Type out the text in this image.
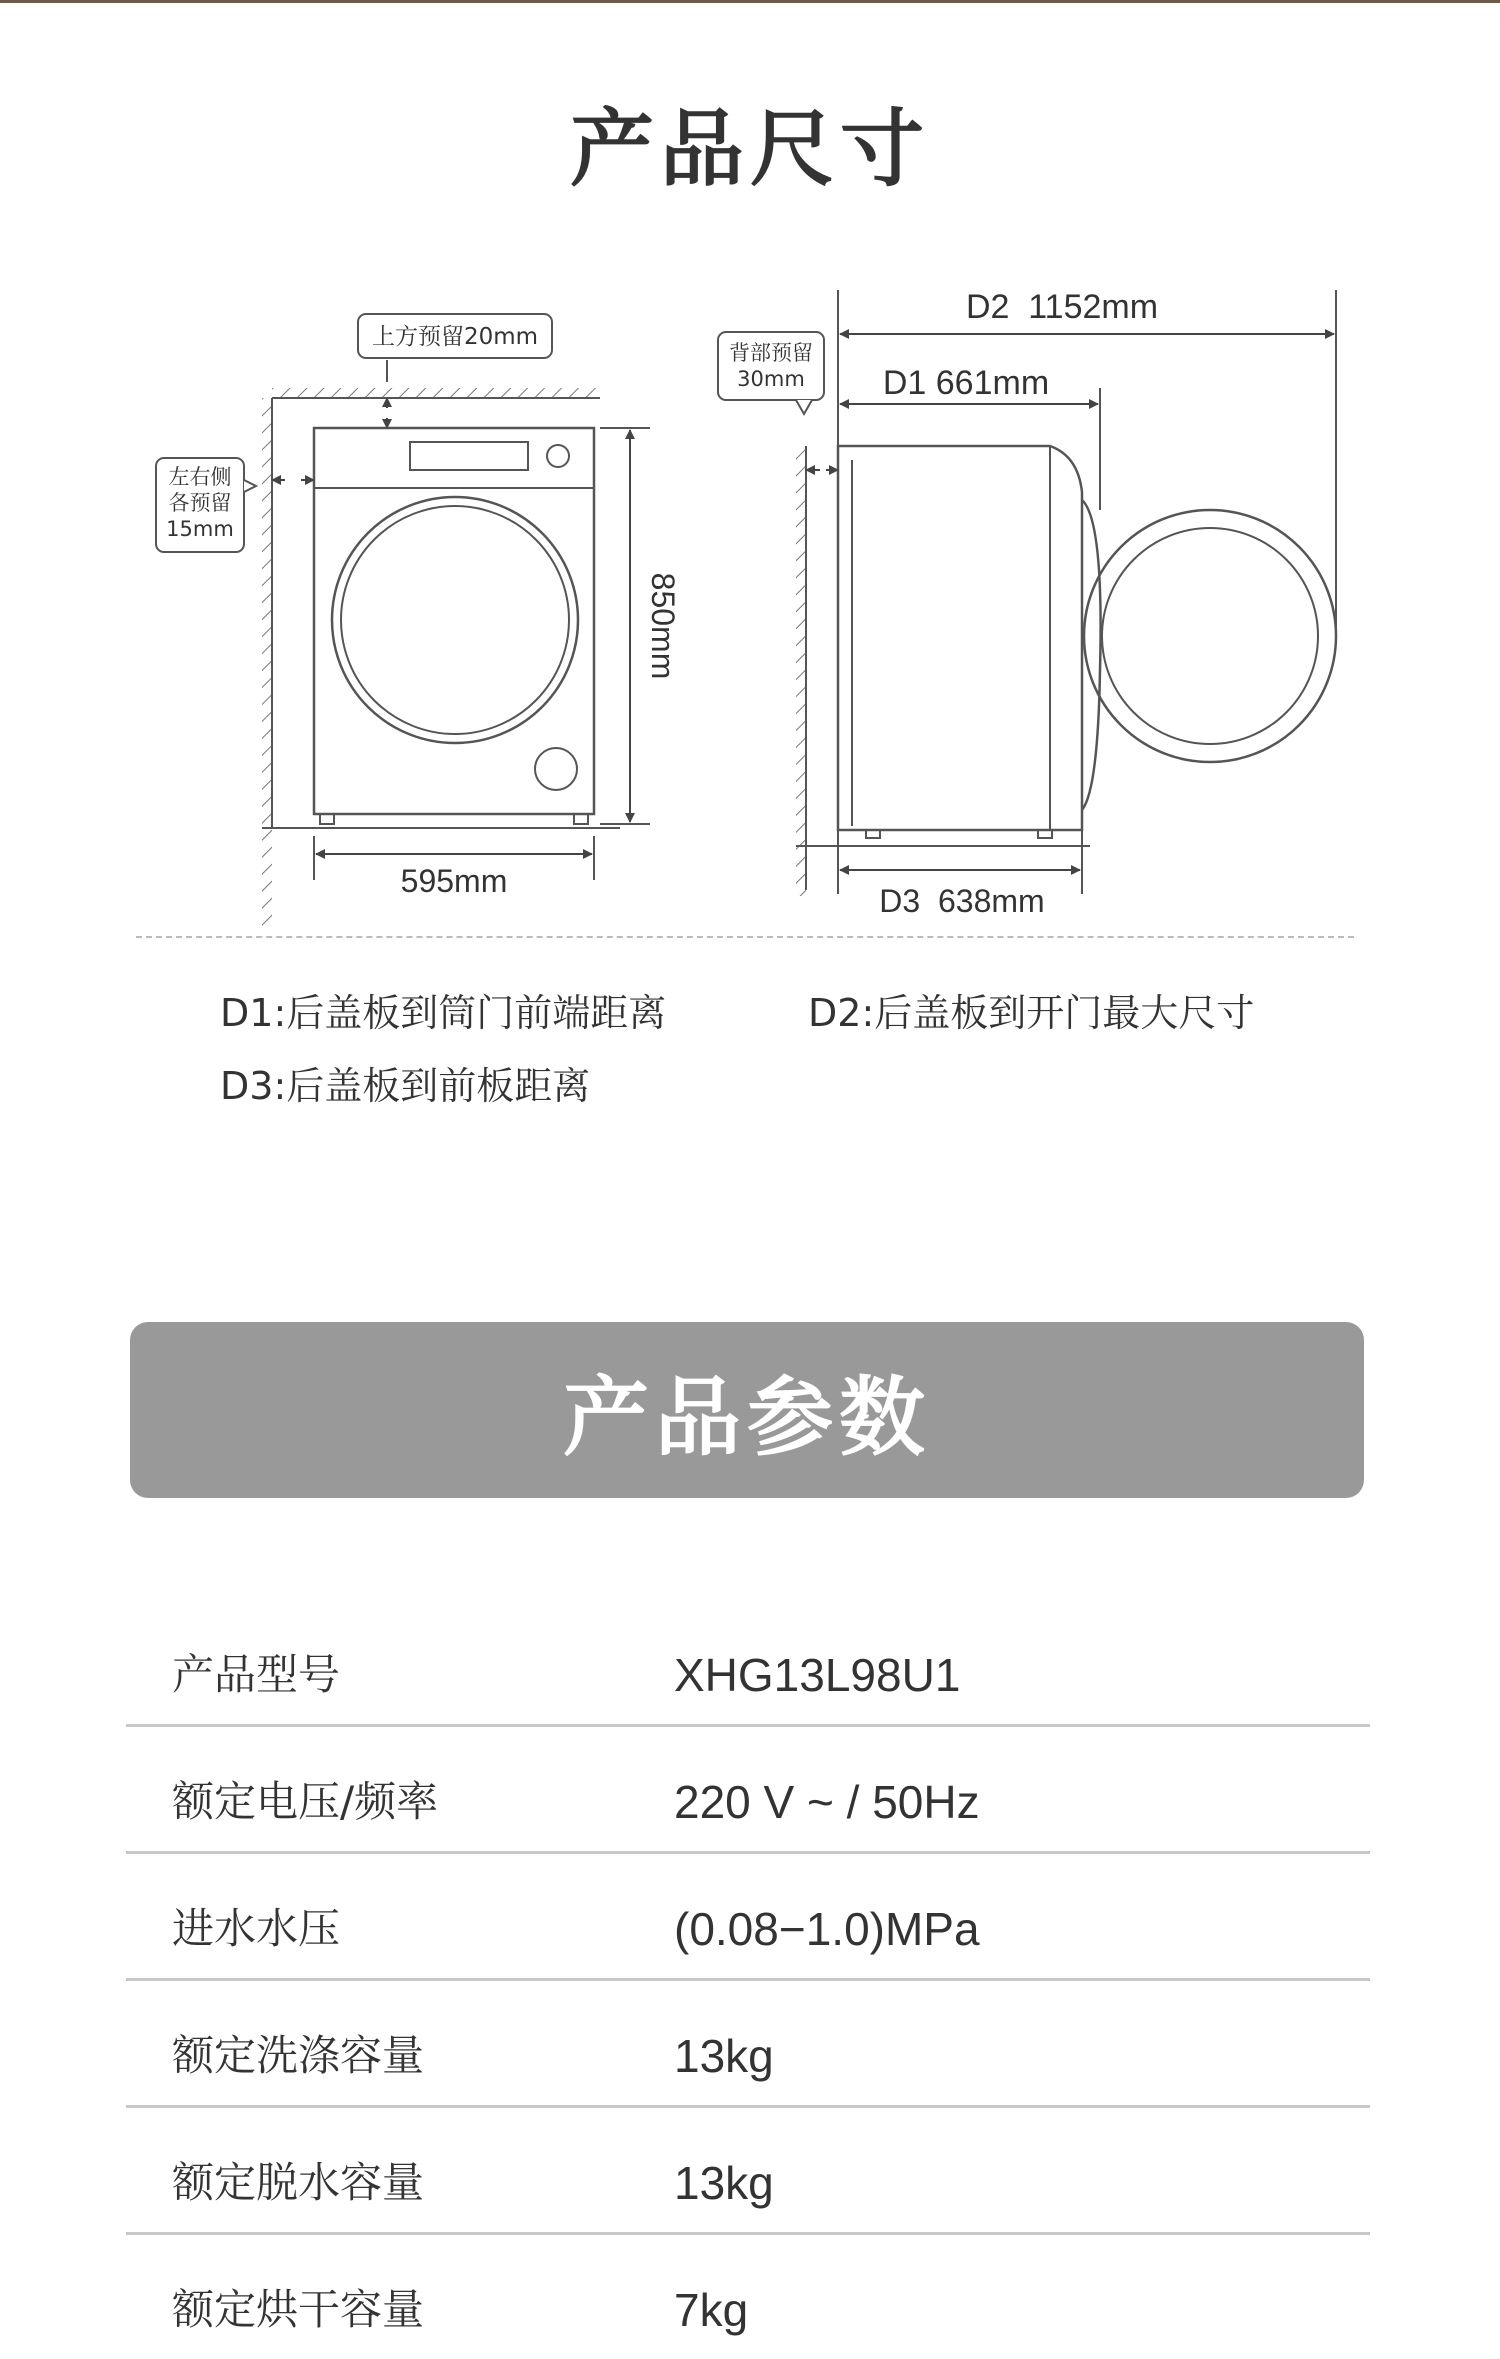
产品尺寸
上方预留20mm
左右侧
各预留
15mm
850mm
595mm
背部预留
30mm
D2  1152mm
D1 661mm
D3  638mm
D1:后盖板到筒门前端距离	D2:后盖板到开门最大尺寸
D3:后盖板到前板距离
产品参数
产品型号	XHG13L98U1
额定电压/频率	220 V ~ / 50Hz
进水水压	(0.08−1.0)MPa
额定洗涤容量	13kg
额定脱水容量	13kg
额定烘干容量	7kg
